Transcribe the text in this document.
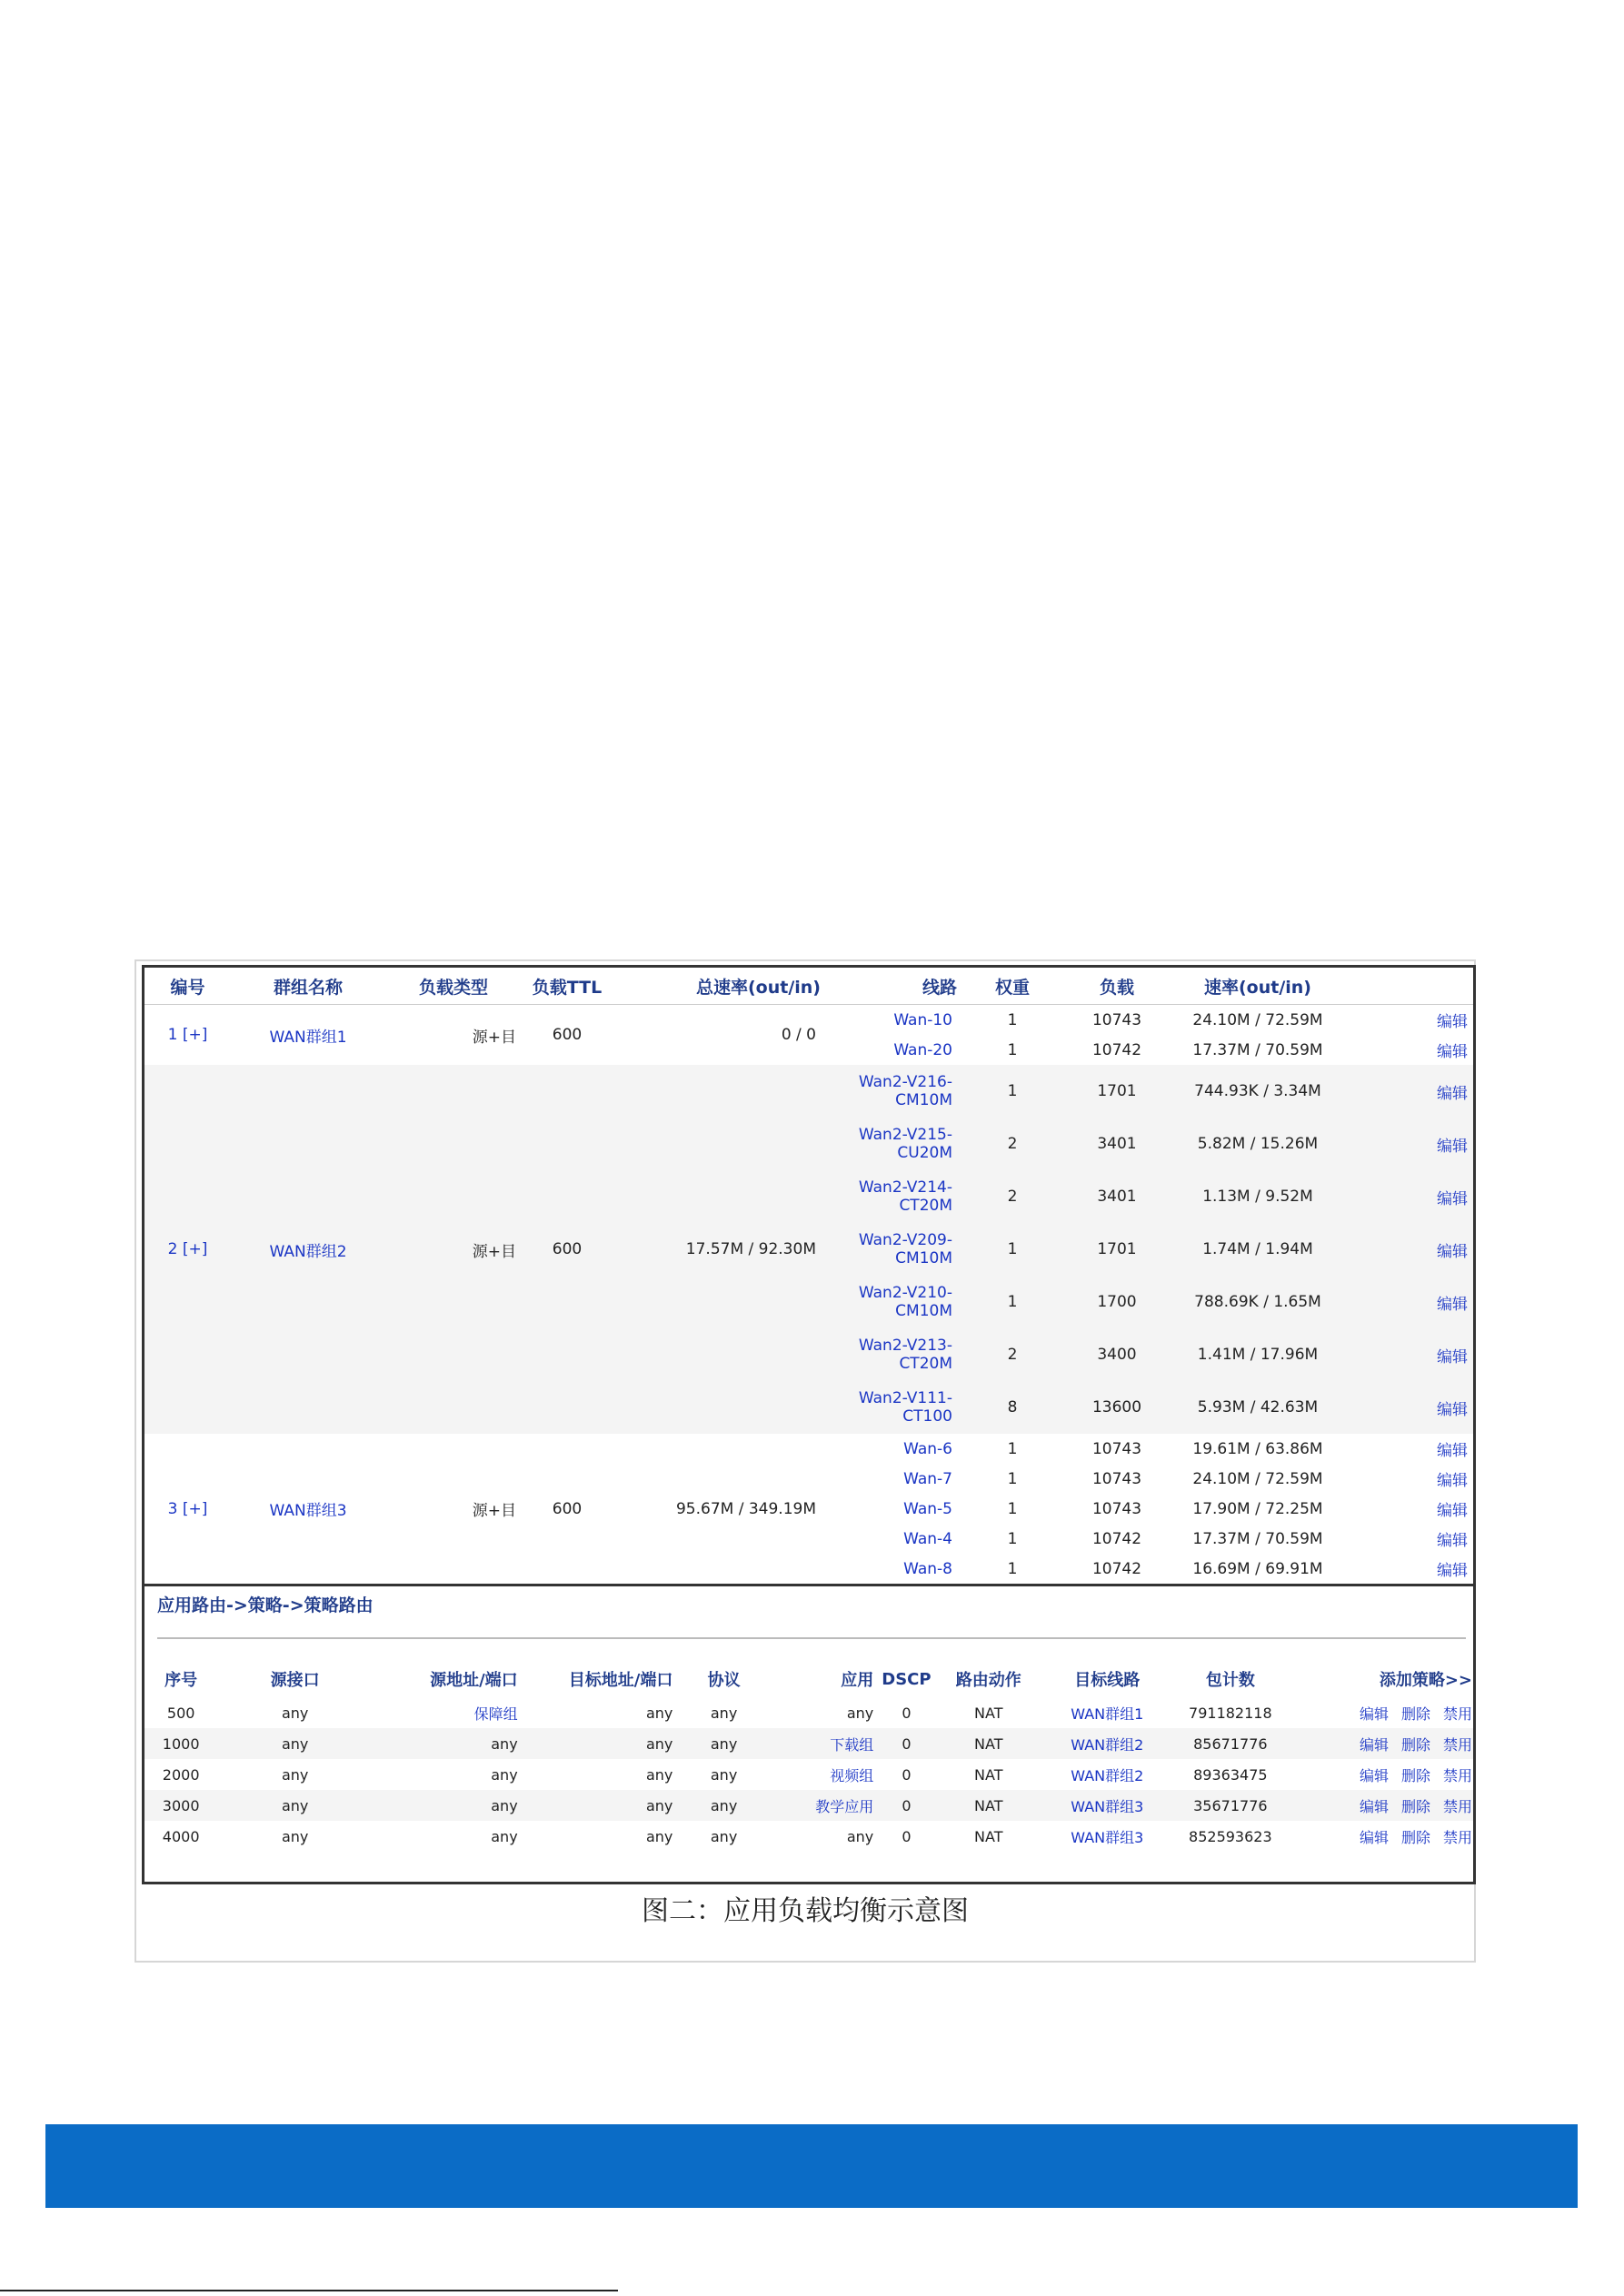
编号	群组名称	负载类型	负载TTL	总速率(out/in)	线路	权重	负载	速率(out/in)	
1 [+]	WAN群组1	源+目	600	0 / 0	Wan-10	1	10743	24.10M / 72.59M	编辑
					Wan-20	1	10742	17.37M / 70.59M	编辑
2 [+]	WAN群组2	源+目	600	17.57M / 92.30M	Wan2-V216-CM10M	1	1701	744.93K / 3.34M	编辑
					Wan2-V215-CU20M	2	3401	5.82M / 15.26M	编辑
					Wan2-V214-CT20M	2	3401	1.13M / 9.52M	编辑
					Wan2-V209-CM10M	1	1701	1.74M / 1.94M	编辑
					Wan2-V210-CM10M	1	1700	788.69K / 1.65M	编辑
					Wan2-V213-CT20M	2	3400	1.41M / 17.96M	编辑
					Wan2-V111-CT100	8	13600	5.93M / 42.63M	编辑
3 [+]	WAN群组3	源+目	600	95.67M / 349.19M	Wan-6	1	10743	19.61M / 63.86M	编辑
					Wan-7	1	10743	24.10M / 72.59M	编辑
					Wan-5	1	10743	17.90M / 72.25M	编辑
					Wan-4	1	10742	17.37M / 70.59M	编辑
					Wan-8	1	10742	16.69M / 69.91M	编辑
应用路由->策略->策略路由
序号	源接口	源地址/端口	目标地址/端口	协议	应用	DSCP	路由动作	目标线路	包计数	添加策略>>
500	any	保障组	any	any	any	0	NAT	WAN群组1	791182118	编辑 删除 禁用
1000	any	any	any	any	下载组	0	NAT	WAN群组2	85671776	编辑 删除 禁用
2000	any	any	any	any	视频组	0	NAT	WAN群组2	89363475	编辑 删除 禁用
3000	any	any	any	any	教学应用	0	NAT	WAN群组3	35671776	编辑 删除 禁用
4000	any	any	any	any	any	0	NAT	WAN群组3	852593623	编辑 删除 禁用
图二：应用负载均衡示意图
